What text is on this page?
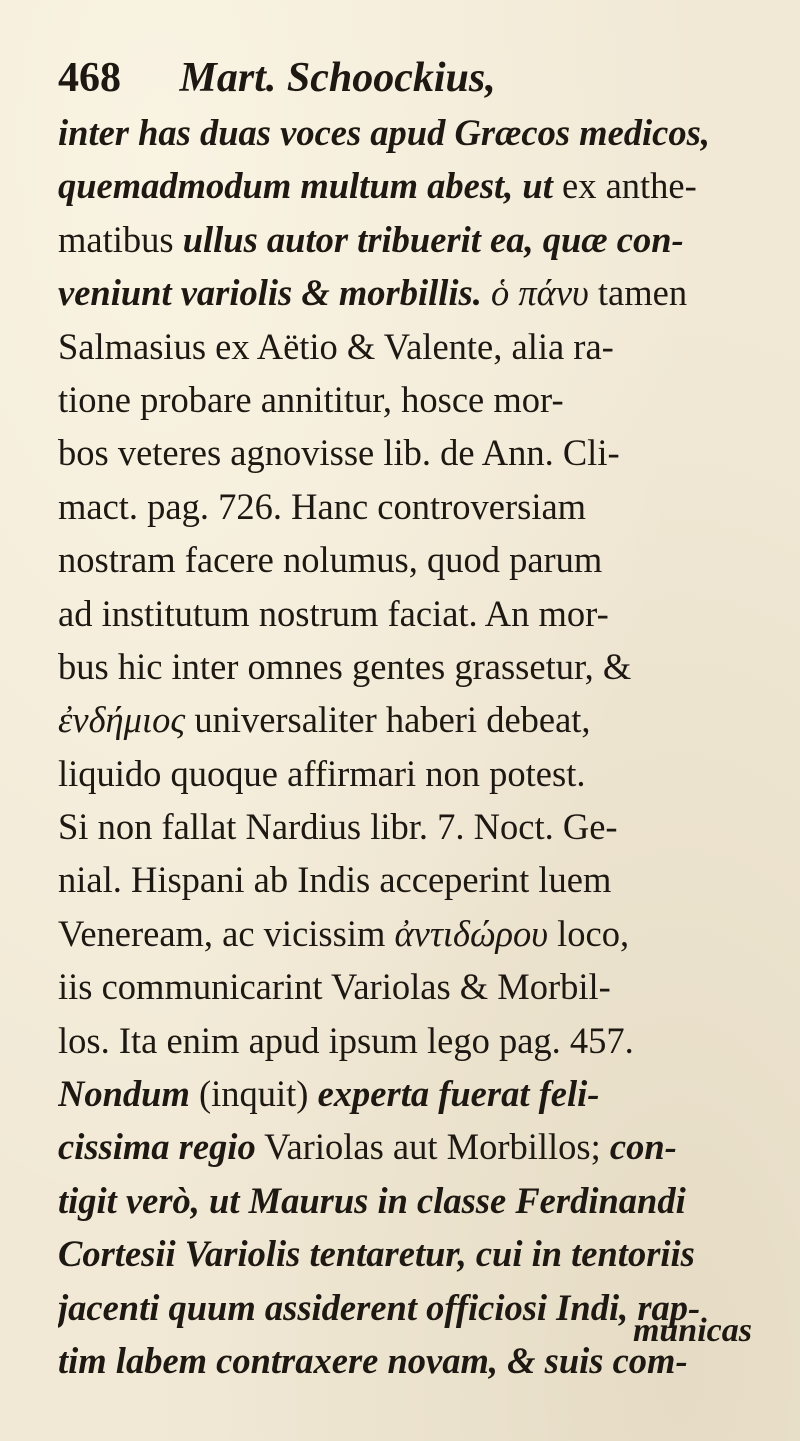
468 Mart. Schoockius,
inter has duas voces apud Græcos medicos,
quemadmodum multum abest, ut ex anthe-
matibus ullus autor tribuerit ea, quæ con-
veniunt variolis & morbillis. ὁ πάνυ tamen
Salmasius ex Aëtio & Valente, alia ra-
tione probare annititur, hosce mor-
bos veteres agnovisse lib. de Ann. Cli-
mact. pag. 726. Hanc controversiam
nostram facere nolumus, quod parum
ad institutum nostrum faciat. An mor-
bus hic inter omnes gentes grassetur, &
ἐνδήμιος universaliter haberi debeat,
liquido quoque affirmari non potest.
Si non fallat Nardius libr. 7. Noct. Ge-
nial. Hispani ab Indis acceperint luem
Veneream, ac vicissim ἀντιδώρου loco,
iis communicarint Variolas & Morbil-
los. Ita enim apud ipsum lego pag. 457.
Nondum (inquit) experta fuerat feli-
cissima regio Variolas aut Morbillos; con-
tigit verò, ut Maurus in classe Ferdinandi
Cortesii Variolis tentaretur, cui in tentoriis
jacenti quum assiderent officiosi Indi, rap-
tim labem contraxere novam, & suis com-
municas
